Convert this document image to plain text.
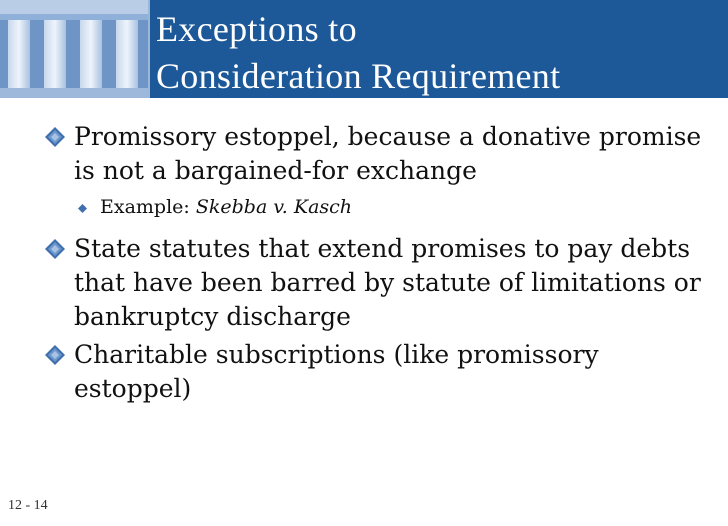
Exceptions to
Consideration Requirement
Promissory estoppel, because a donative promise is not a bargained-for exchange
Example: Skebba v. Kasch
State statutes that extend promises to pay debts that have been barred by statute of limitations or bankruptcy discharge
Charitable subscriptions (like promissory estoppel)
12 - 14
